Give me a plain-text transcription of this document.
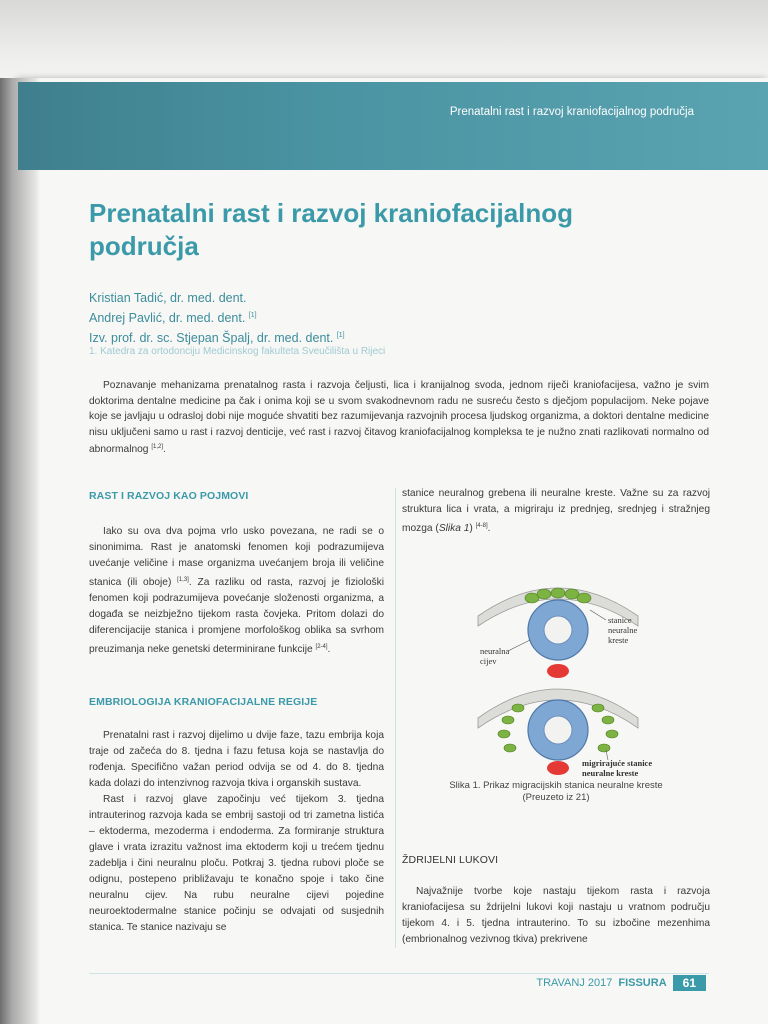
Prenatalni rast i razvoj kraniofacijalnog područja
Prenatalni rast i razvoj kraniofacijalnog područja
Kristian Tadić, dr. med. dent.
Andrej Pavlić, dr. med. dent. [1]
Izv. prof. dr. sc. Stjepan Špalj, dr. med. dent. [1]
1. Katedra za ortodonciju Medicinskog fakulteta Sveučilišta u Rijeci

Poznavanje mehanizama prenatalnog rasta i razvoja čeljusti, lica i kranijalnog svoda, jednom riječi kraniofacijesa, važno je svim doktorima dentalne medicine pa čak i onima koji se u svom svakodnevnom radu ne susreću često s dječjom populacijom. Neke pojave koje se javljaju u odrasloj dobi nije moguće shvatiti bez razumijevanja razvojnih procesa ljudskog organizma, a doktori dentalne medicine nisu uključeni samo u rast i razvoj denticije, već rast i razvoj čitavog kraniofacijalnog kompleksa te je nužno znati razlikovati normalno od abnormalnog [1,2].

RAST I RAZVOJ KAO POJMOVI

Iako su ova dva pojma vrlo usko povezana, ne radi se o sinonimima. Rast je anatomski fenomen koji podrazumijeva uvećanje veličine i mase organizma uvećanjem broja ili veličine stanica (ili oboje) [1,3]. Za razliku od rasta, razvoj je fiziološki fenomen koji podrazumijeva povećanje složenosti organizma, a događa se neizbježno tijekom rasta čovjeka. Pritom dolazi do diferencijacije stanica i promjene morfološkog oblika sa svrhom preuzimanja neke genetski determinirane funkcije [2-4].

EMBRIOLOGIJA KRANIOFACIJALNE REGIJE

Prenatalni rast i razvoj dijelimo u dvije faze, tazu embrija koja traje od začeća do 8. tjedna i fazu fetusa koja se nastavlja do rođenja. Specifično važan period odvija se od 4. do 8. tjedna kada dolazi do intenzivnog razvoja tkiva i organskih sustava.

Rast i razvoj glave započinju već tijekom 3. tjedna intrauterinog razvoja kada se embrij sastoji od tri zametna listića – ektoderma, mezoderma i endoderma. Za formiranje struktura glave i vrata izrazitu važnost ima ektoderm koji u trećem tjednu zadeblja i čini neuralnu ploču. Potkraj 3. tjedna rubovi ploče se odignu, postepeno približavaju te konačno spoje i tako čine neuralnu cijev. Na rubu neuralne cijevi pojedine neuroektodermalne stanice počinju se odvajati od susjednih stanica. Te stanice nazivaju se

stanice neuralnog grebena ili neuralne kreste. Važne su za razvoj struktura lica i vrata, a migriraju iz prednjeg, srednjeg i stražnjeg mozga (Slika 1) [4-8].

stanice
neuralne
kreste
neuralna
cijev
migrirajuće stanice
neuralne kreste
Slika 1. Prikaz migracijskih stanica neuralne kreste
(Preuzeto iz 21)
ŽDRIJELNI LUKOVI

Najvažnije tvorbe koje nastaju tijekom rasta i razvoja kraniofacijesa su ždrijelni lukovi koji nastaju u vratnom području tijekom 4. i 5. tjedna intrauterino. To su izbočine mezenhima (embrionalnog vezivnog tkiva) prekrivene

TRAVANJ 2017 FISSURA	61
